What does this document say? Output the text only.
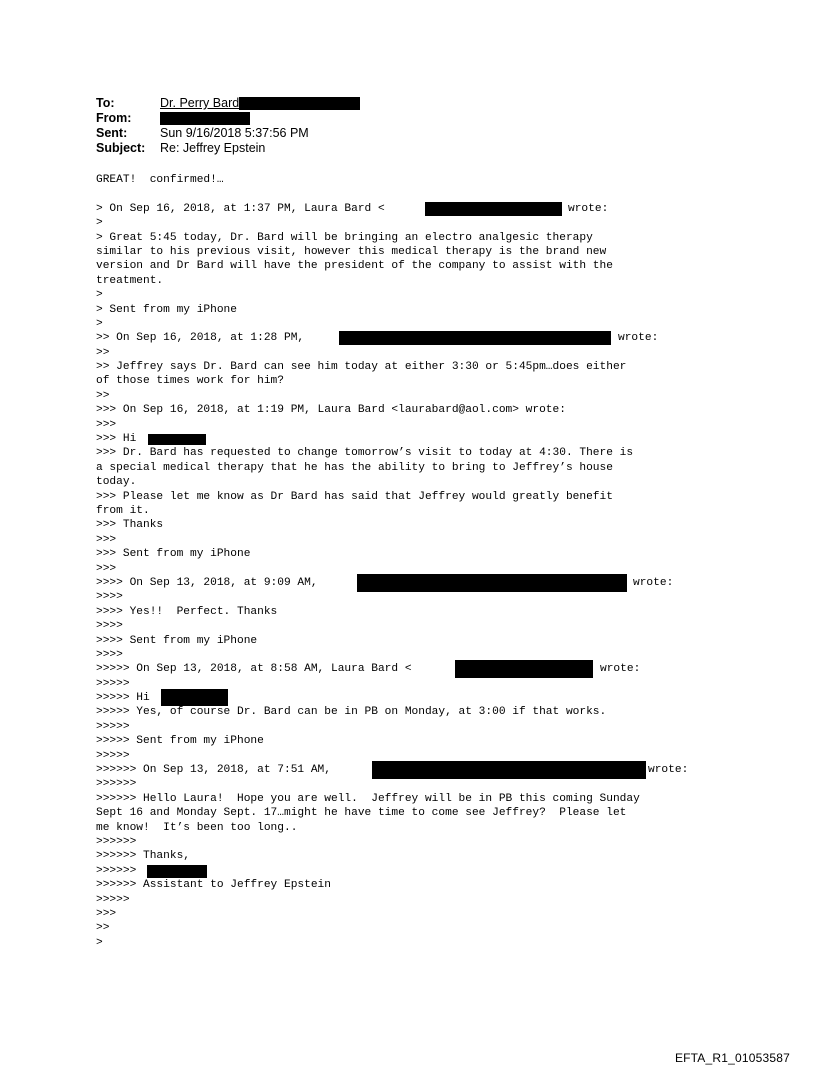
To:	Dr. Perry Bard
From:
Sent:	Sun 9/16/2018 5:37:56 PM
Subject:	Re: Jeffrey Epstein
GREAT!  confirmed!…
> On Sep 16, 2018, at 1:37 PM, Laura Bard <	wrote:
>
> Great 5:45 today, Dr. Bard will be bringing an electro analgesic therapy
similar to his previous visit, however this medical therapy is the brand new
version and Dr Bard will have the president of the company to assist with the
treatment.
>
> Sent from my iPhone
>
>> On Sep 16, 2018, at 1:28 PM,	wrote:
>>
>> Jeffrey says Dr. Bard can see him today at either 3:30 or 5:45pm…does either
of those times work for him?
>>
>>> On Sep 16, 2018, at 1:19 PM, Laura Bard <laurabard@aol.com> wrote:
>>>
>>> Hi
>>> Dr. Bard has requested to change tomorrow’s visit to today at 4:30. There is
a special medical therapy that he has the ability to bring to Jeffrey’s house
today.
>>> Please let me know as Dr Bard has said that Jeffrey would greatly benefit
from it.
>>> Thanks
>>>
>>> Sent from my iPhone
>>>
>>>> On Sep 13, 2018, at 9:09 AM,	wrote:
>>>>
>>>> Yes!!  Perfect. Thanks
>>>>
>>>> Sent from my iPhone
>>>>
>>>>> On Sep 13, 2018, at 8:58 AM, Laura Bard <	wrote:
>>>>>
>>>>> Hi
>>>>> Yes, of course Dr. Bard can be in PB on Monday, at 3:00 if that works.
>>>>>
>>>>> Sent from my iPhone
>>>>>
>>>>>> On Sep 13, 2018, at 7:51 AM,	wrote:
>>>>>>
>>>>>> Hello Laura!  Hope you are well.  Jeffrey will be in PB this coming Sunday
Sept 16 and Monday Sept. 17…might he have time to come see Jeffrey?  Please let
me know!  It’s been too long..
>>>>>>
>>>>>> Thanks,
>>>>>>
>>>>>> Assistant to Jeffrey Epstein
>>>>>
>>>
>>
>
EFTA_R1_01053587
